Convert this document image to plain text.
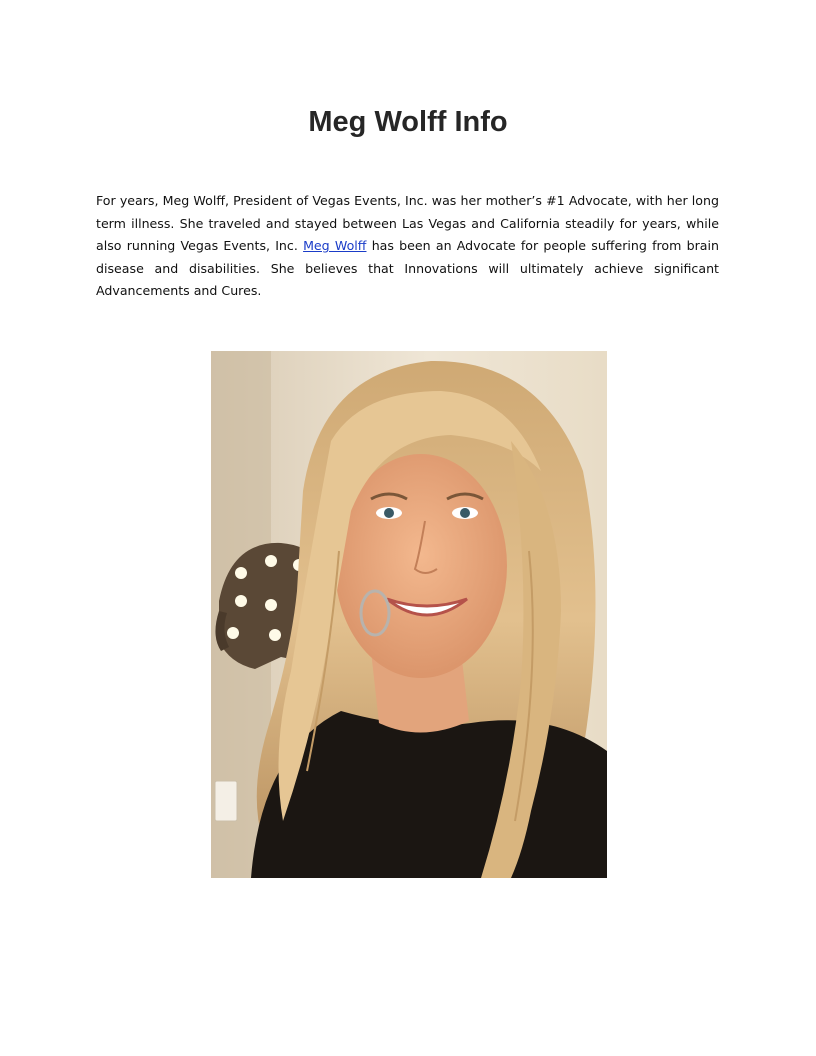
Meg Wolff Info

For years, Meg Wolff, President of Vegas Events, Inc. was her mother’s #1 Advocate, with her long term illness. She traveled and stayed between Las Vegas and California steadily for years, while also running Vegas Events, Inc. Meg Wolff has been an Advocate for people suffering from brain disease and disabilities. She believes that Innovations will ultimately achieve significant Advancements and Cures.
